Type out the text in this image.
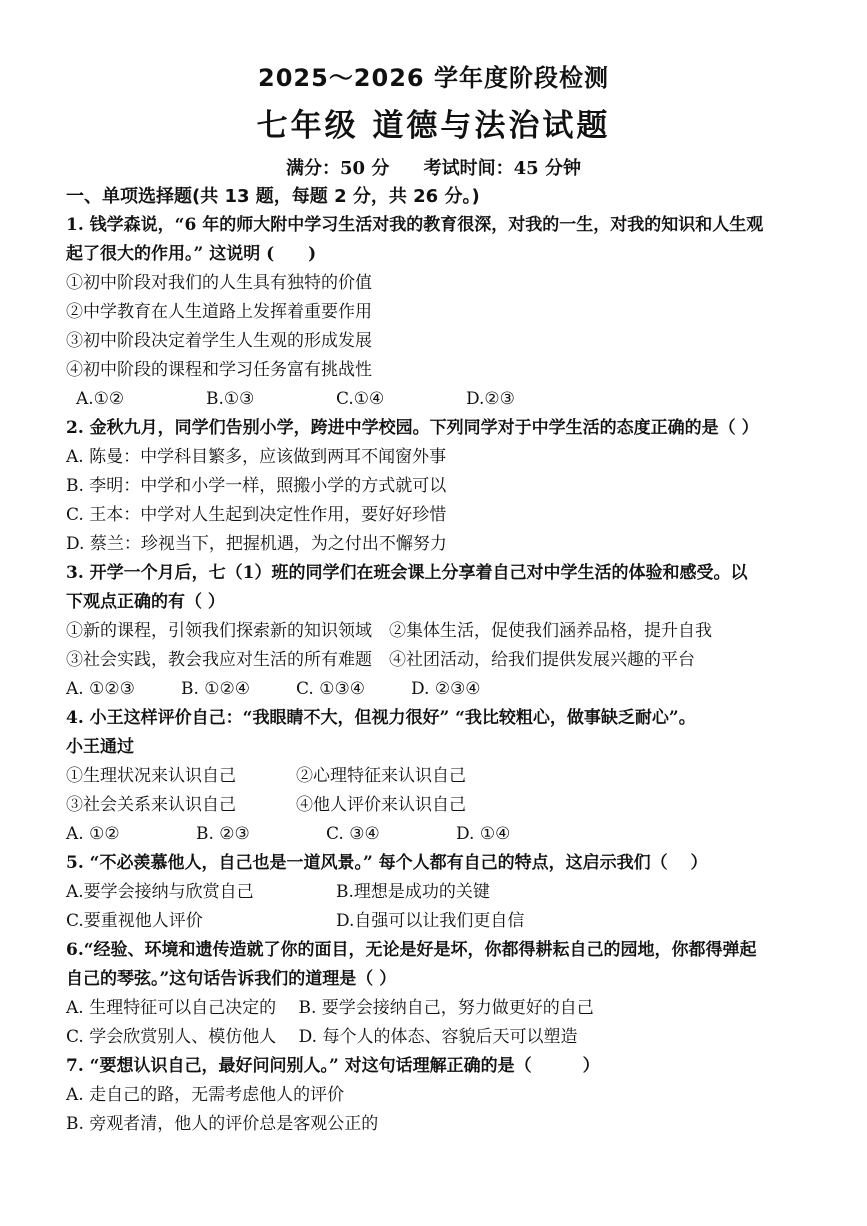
2025～2026 学年度阶段检测
七年级 道德与法治试题
满分：50 分 考试时间：45 分钟
一、单项选择题(共 13 题，每题 2 分，共 26 分。)
1. 钱学森说，“6 年的师大附中学习生活对我的教育很深，对我的一生，对我的知识和人生观
起了很大的作用。” 这说明 (　　)
①初中阶段对我们的人生具有独特的价值
②中学教育在人生道路上发挥着重要作用
③初中阶段决定着学生人生观的形成发展
④初中阶段的课程和学习任务富有挑战性
A.①②	B.①③	C.①④	D.②③
2. 金秋九月，同学们告别小学，跨进中学校园。下列同学对于中学生活的态度正确的是（ ）
A. 陈曼：中学科目繁多，应该做到两耳不闻窗外事
B. 李明：中学和小学一样，照搬小学的方式就可以
C. 王本：中学对人生起到决定性作用，要好好珍惜
D. 蔡兰：珍视当下，把握机遇，为之付出不懈努力
3. 开学一个月后，七（1）班的同学们在班会课上分享着自己对中学生活的体验和感受。以
下观点正确的有（ ）
①新的课程，引领我们探索新的知识领域　②集体生活，促使我们涵养品格，提升自我
③社会实践，教会我应对生活的所有难题　④社团活动，给我们提供发展兴趣的平台
A. ①②③	B. ①②④	C. ①③④	D. ②③④
4. 小王这样评价自己：“我眼睛不大，但视力很好” “我比较粗心，做事缺乏耐心”。
小王通过
①生理状况来认识自己	②心理特征来认识自己
③社会关系来认识自己	④他人评价来认识自己
A. ①②	B. ②③	C. ③④	D. ①④
5. “不必羡慕他人，自己也是一道风景。” 每个人都有自己的特点，这启示我们（　 ）
A.要学会接纳与欣赏自己	B.理想是成功的关键
C.要重视他人评价	D.自强可以让我们更自信
6.“经验、环境和遗传造就了你的面目，无论是好是坏，你都得耕耘自己的园地，你都得弹起
自己的琴弦。”这句话告诉我们的道理是（ ）
A. 生理特征可以自己决定的　 B. 要学会接纳自己，努力做更好的自己
C. 学会欣赏别人、模仿他人　 D. 每个人的体态、容貌后天可以塑造
7. “要想认识自己，最好问问别人。” 对这句话理解正确的是（　　　）
A. 走自己的路，无需考虑他人的评价
B. 旁观者清，他人的评价总是客观公正的
